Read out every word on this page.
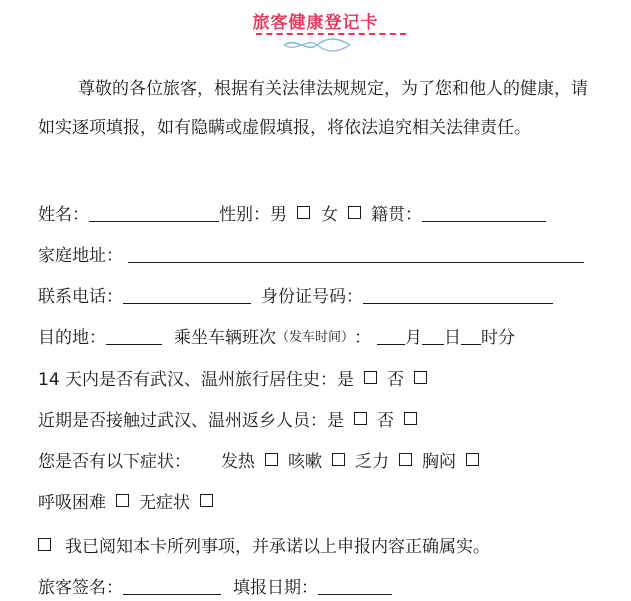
旅客健康登记卡
尊敬的各位旅客，根据有关法律法规规定，为了您和他人的健康，请如实逐项填报，如有隐瞒或虚假填报，将依法追究相关法律责任。
姓名：	性别： 男 女 籍贯：
家庭地址：
联系电话：	身份证号码：
目的地：	乘坐车辆班次 （发车时间） ： 月 日 时分
14 天内是否有武汉、温州旅行居住史：是 否
近期是否接触过武汉、温州返乡人员：是 否
您是否有以下症状： 发热 咳嗽 乏力 胸闷
呼吸困难 无症状
我已阅知本卡所列事项，并承诺以上申报内容正确属实。
旅客签名：	填报日期：
